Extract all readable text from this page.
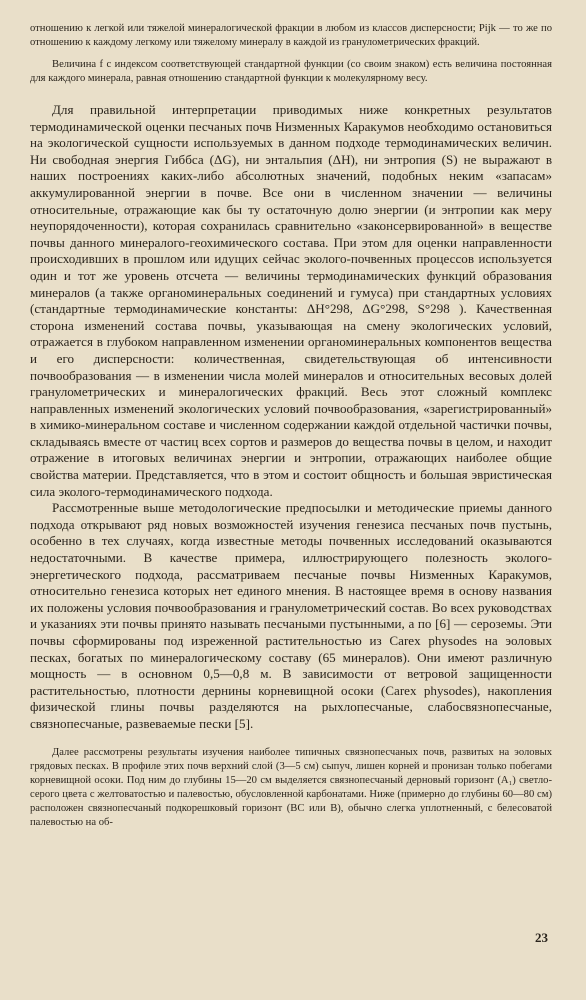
отношению к легкой или тяжелой минералогической фракции в любом из классов дисперсности; Pijk — то же по отношению к каждому легкому или тяжелому минералу в каждой из гранулометрических фракций.

Величина f с индексом соответствующей стандартной функции (со своим знаком) есть величина постоянная для каждого минерала, равная отношению стандартной функции к молекулярному весу.

Для правильной интерпретации приводимых ниже конкретных результатов термодинамической оценки песчаных почв Низменных Каракумов необходимо остановиться на экологической сущности используемых в данном подходе термодинамических величин. Ни свободная энергия Гиббса (ΔG), ни энтальпия (ΔH), ни энтропия (S) не выражают в наших построениях каких-либо абсолютных значений, подобных неким «запасам» аккумулированной энергии в почве. Все они в численном значении — величины относительные, отражающие как бы ту остаточную долю энергии (и энтропии как меру неупорядоченности), которая сохранилась сравнительно «законсервированной» в веществе почвы данного минералого-геохимического состава. При этом для оценки направленности происходивших в прошлом или идущих сейчас эколого-почвенных процессов используется один и тот же уровень отсчета — величины термодинамических функций образования минералов (а также органоминеральных соединений и гумуса) при стандартных условиях (стандартные термодинамические константы: ΔH°298, ΔG°298, S°298 ). Качественная сторона изменений состава почвы, указывающая на смену экологических условий, отражается в глубоком направленном изменении органоминеральных компонентов вещества и его дисперсности: количественная, свидетельствующая об интенсивности почвообразования — в изменении числа молей минералов и относительных весовых долей гранулометрических и минералогических фракций. Весь этот сложный комплекс направленных изменений экологических условий почвообразования, «зарегистрированный» в химико-минеральном составе и численном содержании каждой отдельной частички почвы, складываясь вместе от частиц всех сортов и размеров до вещества почвы в целом, и находит отражение в итоговых величинах энергии и энтропии, отражающих наиболее общие свойства материи. Представляется, что в этом и состоит общность и большая эвристическая сила эколого-термодинамического подхода.

Рассмотренные выше методологические предпосылки и методические приемы данного подхода открывают ряд новых возможностей изучения генезиса песчаных почв пустынь, особенно в тех случаях, когда известные методы почвенных исследований оказываются недостаточными. В качестве примера, иллюстрирующего полезность эколого-энергетического подхода, рассматриваем песчаные почвы Низменных Каракумов, относительно генезиса которых нет единого мнения. В настоящее время в основу названия их положены условия почвообразования и гранулометрический состав. Во всех руководствах и указаниях эти почвы принято называть песчаными пустынными, а по [6] — сероземы. Эти почвы сформированы под изреженной растительностью из Carex physodes на эоловых песках, богатых по минералогическому составу (65 минералов). Они имеют различную мощность — в основном 0,5—0,8 м. В зависимости от ветровой защищенности растительностью, плотности дернины корневищной осоки (Carex physodes), накопления физической глины почвы разделяются на рыхлопесчаные, слабосвязнопесчаные, связнопесчаные, развеваемые пески [5].

Далее рассмотрены результаты изучения наиболее типичных связнопесчаных почв, развитых на эоловых грядовых песках. В профиле этих почв верхний слой (3—5 см) сыпуч, лишен корней и пронизан только побегами корневищной осоки. Под ним до глубины 15—20 см выделяется связнопесчаный дерновый горизонт (A₁) светло-серого цвета с желтоватостью и палевостью, обусловленной карбонатами. Ниже (примерно до глубины 60—80 см) расположен связнопесчаный подкорешковый горизонт (BC или B), обычно слегка уплотненный, с белесоватой палевостью на об-

23
